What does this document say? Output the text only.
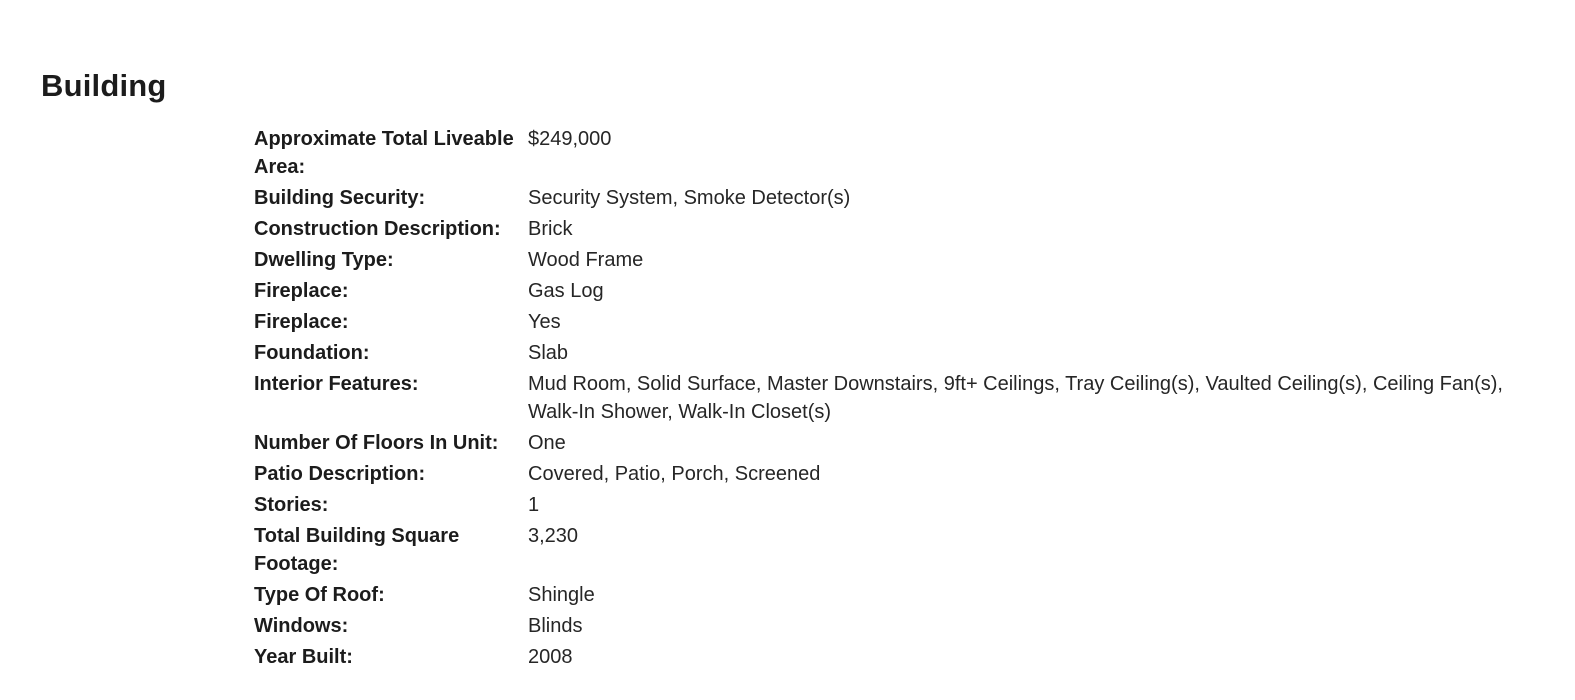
Building
Approximate Total Liveable Area:	$249,000
Building Security:	Security System, Smoke Detector(s)
Construction Description:	Brick
Dwelling Type:	Wood Frame
Fireplace:	Gas Log
Fireplace:	Yes
Foundation:	Slab
Interior Features:	Mud Room, Solid Surface, Master Downstairs, 9ft+ Ceilings, Tray Ceiling(s), Vaulted Ceiling(s), Ceiling Fan(s), Walk-In Shower, Walk-In Closet(s)
Number Of Floors In Unit:	One
Patio Description:	Covered, Patio, Porch, Screened
Stories:	1
Total Building Square Footage:	3,230
Type Of Roof:	Shingle
Windows:	Blinds
Year Built:	2008
